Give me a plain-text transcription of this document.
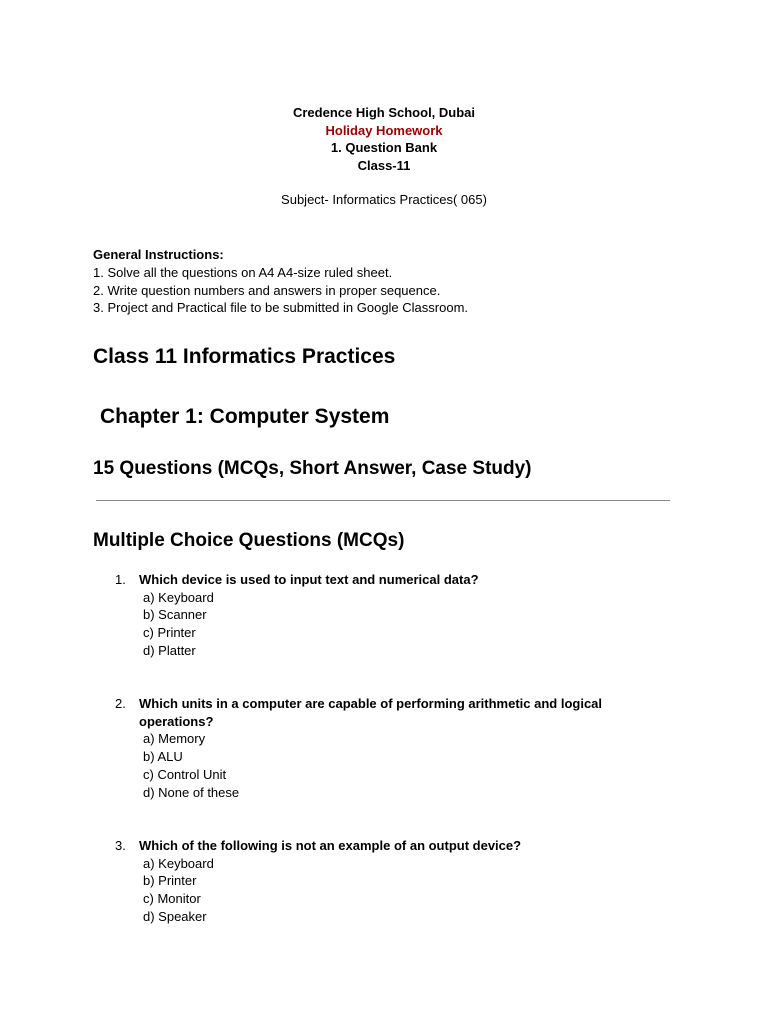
Credence High School, Dubai
Holiday Homework
1. Question Bank
Class-11
Subject- Informatics Practices( 065)
General Instructions:
1. Solve all the questions on A4 A4-size ruled sheet.
2. Write question numbers and answers in proper sequence.
3. Project and Practical file to be submitted in Google Classroom.
Class 11 Informatics Practices
Chapter 1: Computer System
15 Questions (MCQs, Short Answer, Case Study)
Multiple Choice Questions (MCQs)
1.	Which device is used to input text and numerical data?
a) Keyboard
b) Scanner
c) Printer
d) Platter
2.	Which units in a computer are capable of performing arithmetic and logical operations?
a) Memory
b) ALU
c) Control Unit
d) None of these
3.	Which of the following is not an example of an output device?
a) Keyboard
b) Printer
c) Monitor
d) Speaker
